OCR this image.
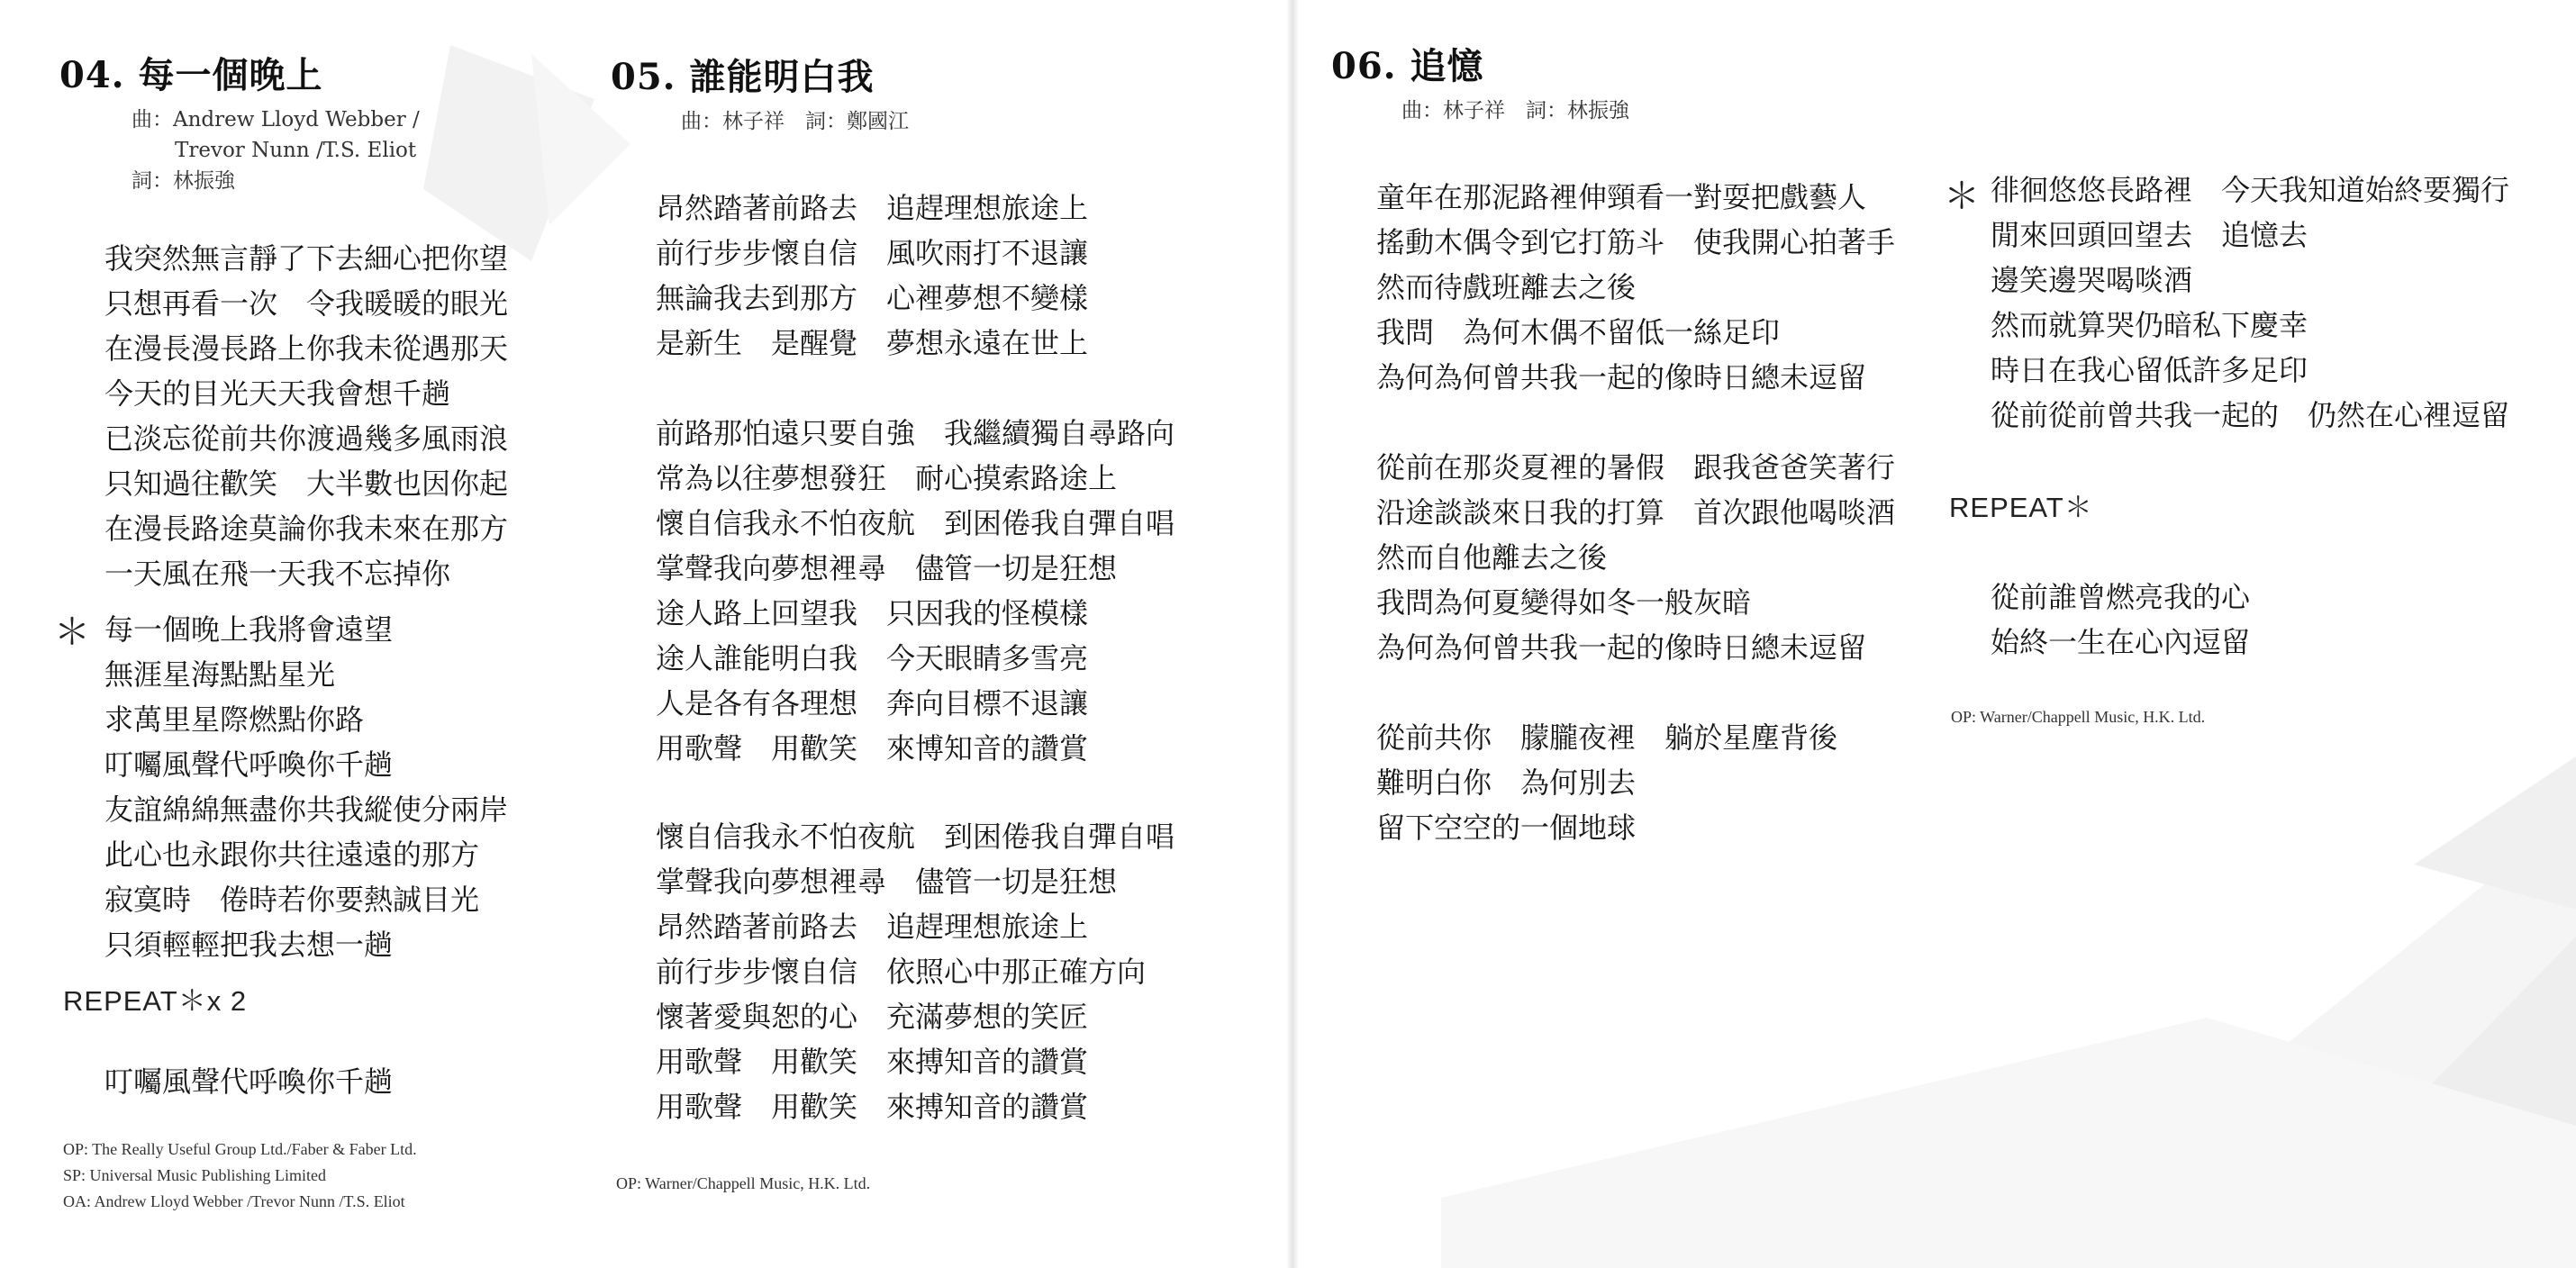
04. 每一個晚上
曲：Andrew Lloyd Webber /
Trevor Nunn /T.S. Eliot
詞：林振強
我突然無言靜了下去細心把你望
只想再看一次　令我暖暖的眼光
在漫長漫長路上你我未從遇那天
今天的目光天天我會想千趟
已淡忘從前共你渡過幾多風雨浪
只知過往歡笑　大半數也因你起
在漫長路途莫論你我未來在那方
一天風在飛一天我不忘掉你
＊ 每一個晚上我將會遠望
無涯星海點點星光
求萬里星際燃點你路
叮囑風聲代呼喚你千趟
友誼綿綿無盡你共我縱使分兩岸
此心也永跟你共往遠遠的那方
寂寞時　倦時若你要熱誠目光
只須輕輕把我去想一趟
REPEAT＊x 2
叮囑風聲代呼喚你千趟
OP: The Really Useful Group Ltd./Faber & Faber Ltd.
SP: Universal Music Publishing Limited
OA: Andrew Lloyd Webber /Trevor Nunn /T.S. Eliot
05. 誰能明白我
曲：林子祥　詞：鄭國江
昂然踏著前路去　追趕理想旅途上
前行步步懷自信　風吹雨打不退讓
無論我去到那方　心裡夢想不變樣
是新生　是醒覺　夢想永遠在世上
前路那怕遠只要自強　我繼續獨自尋路向
常為以往夢想發狂　耐心摸索路途上
懷自信我永不怕夜航　到困倦我自彈自唱
掌聲我向夢想裡尋　儘管一切是狂想
途人路上回望我　只因我的怪模樣
途人誰能明白我　今天眼睛多雪亮
人是各有各理想　奔向目標不退讓
用歌聲　用歡笑　來博知音的讚賞
懷自信我永不怕夜航　到困倦我自彈自唱
掌聲我向夢想裡尋　儘管一切是狂想
昂然踏著前路去　追趕理想旅途上
前行步步懷自信　依照心中那正確方向
懷著愛與恕的心　充滿夢想的笑匠
用歌聲　用歡笑　來搏知音的讚賞
用歌聲　用歡笑　來搏知音的讚賞
OP: Warner/Chappell Music, H.K. Ltd.
06. 追憶
曲：林子祥　詞：林振強
童年在那泥路裡伸頸看一對耍把戲藝人
搖動木偶令到它打筋斗　使我開心拍著手
然而待戲班離去之後
我問　為何木偶不留低一絲足印
為何為何曾共我一起的像時日總未逗留
從前在那炎夏裡的暑假　跟我爸爸笑著行
沿途談談來日我的打算　首次跟他喝啖酒
然而自他離去之後
我問為何夏變得如冬一般灰暗
為何為何曾共我一起的像時日總未逗留
從前共你　朦朧夜裡　躺於星塵背後
難明白你　為何別去
留下空空的一個地球
＊ 徘徊悠悠長路裡　今天我知道始終要獨行
閒來回頭回望去　追憶去
邊笑邊哭喝啖酒
然而就算哭仍暗私下慶幸
時日在我心留低許多足印
從前從前曾共我一起的　仍然在心裡逗留
REPEAT＊
從前誰曾燃亮我的心
始終一生在心內逗留
OP: Warner/Chappell Music, H.K. Ltd.
